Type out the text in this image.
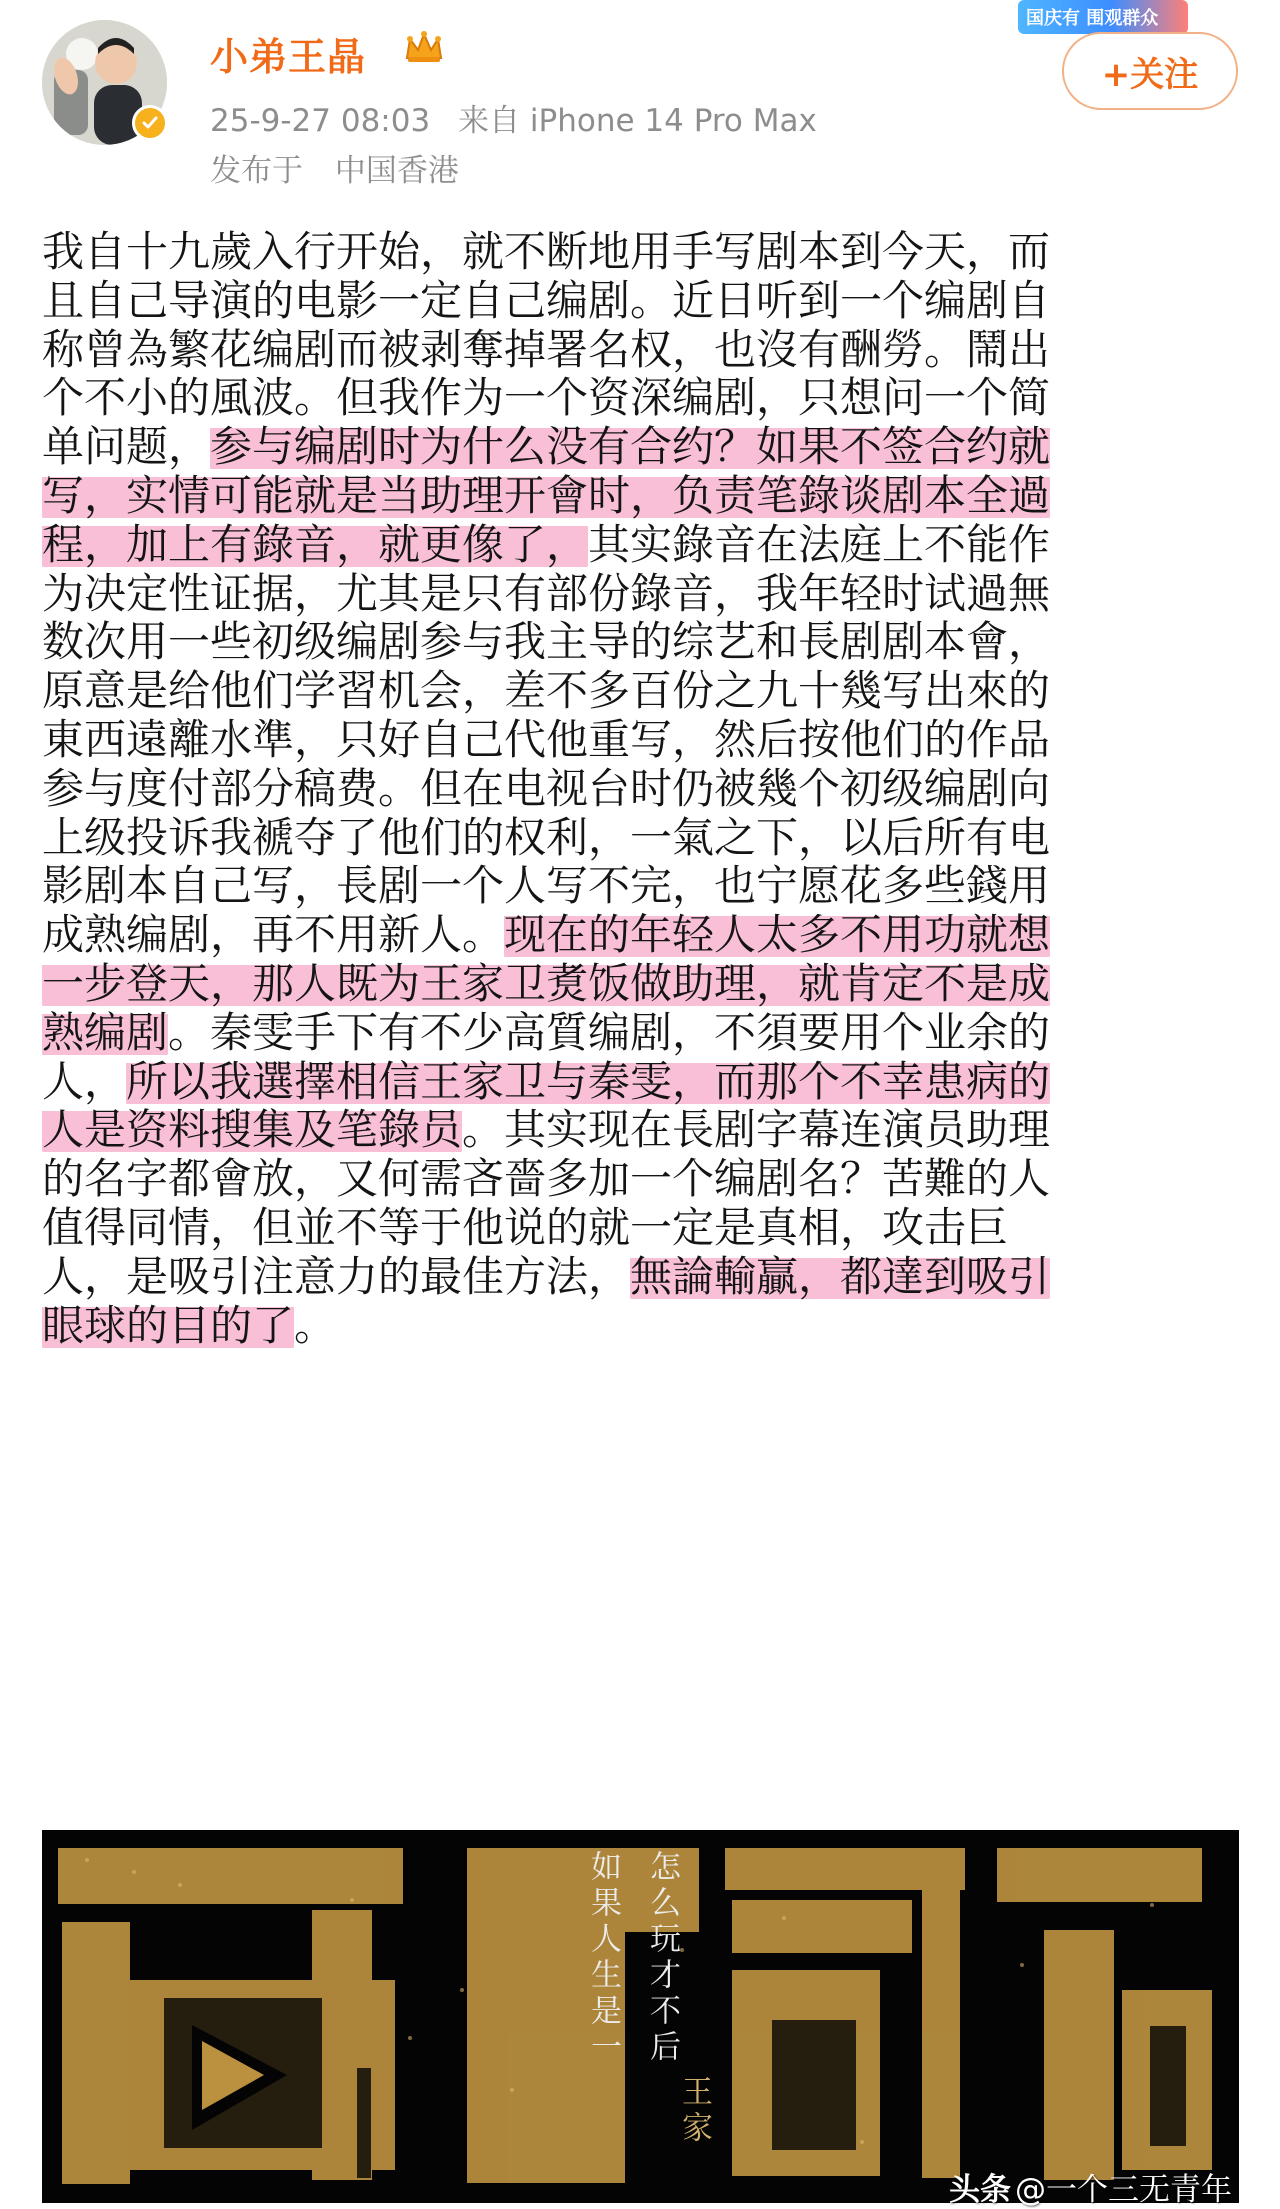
小弟王晶
25-9-27 08:03 来自 iPhone 14 Pro Max
发布于 中国香港
国庆有 围观群众
+关注
我自十九歲入行开始，就不断地用手写剧本到今天，而
且自己导演的电影一定自己编剧。近日听到一个编剧自
称曾為繁花编剧而被剥奪掉署名权，也沒有酬勞。鬧出
个不小的風波。但我作为一个资深编剧，只想问一个简
单问题，参与编剧时为什么没有合约？如果不签合约就
写，实情可能就是当助理开會时，负责笔錄谈剧本全過
程，加上有錄音，就更像了，其实錄音在法庭上不能作
为决定性证据，尤其是只有部份錄音，我年轻时试過無
数次用一些初级编剧参与我主导的综艺和長剧剧本會，
原意是给他们学習机会，差不多百份之九十幾写出來的
東西遠離水準，只好自己代他重写，然后按他们的作品
参与度付部分稿费。但在电视台时仍被幾个初级编剧向
上级投诉我褫夺了他们的权利，一氣之下，以后所有电
影剧本自己写，長剧一个人写不完，也宁愿花多些錢用
成熟编剧，再不用新人。现在的年轻人太多不用功就想
一步登天，那人既为王家卫煑饭做助理，就肯定不是成
熟编剧。秦雯手下有不少高質编剧，不須要用个业余的
人，所以我選擇相信王家卫与秦雯，而那个不幸患病的
人是资料搜集及笔錄员。其实现在長剧字幕连演员助理
的名字都會放，又何需吝嗇多加一个编剧名？苦難的人
值得同情，但並不等于他说的就一定是真相，攻击巨
人，是吸引注意力的最佳方法，無論輸贏，都達到吸引
眼球的目的了。
怎么玩才不后
如果人生是一
王家
头条 @一个三无青年
